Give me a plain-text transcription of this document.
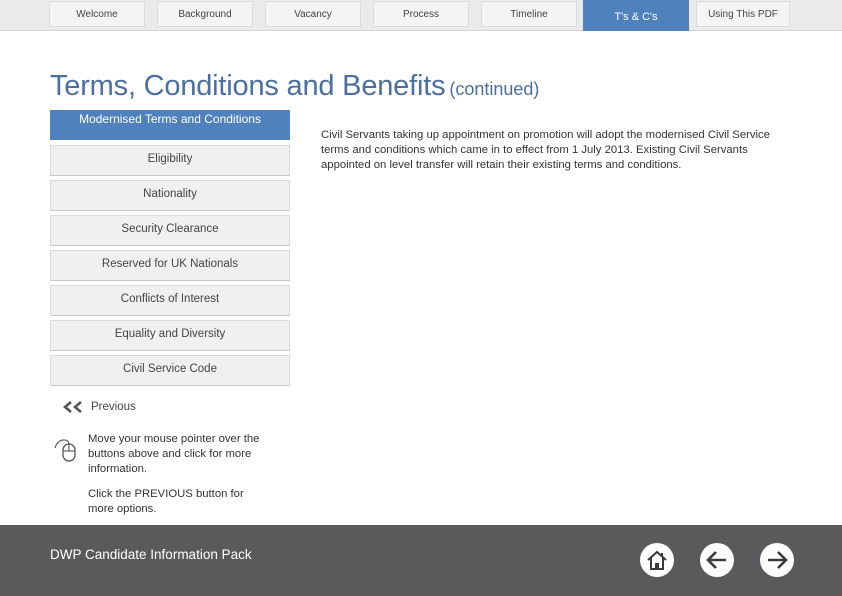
Welcome	Background	Vacancy	Process	Timeline	T's & C's	Using This PDF
Terms, Conditions and Benefits (continued)
Modernised Terms and Conditions
Eligibility
Nationality
Security Clearance
Reserved for UK Nationals
Conflicts of Interest
Equality and Diversity
Civil Service Code
Civil Servants taking up appointment on promotion will adopt the modernised Civil Service terms and conditions which came in to effect from 1 July 2013. Existing Civil Servants appointed on level transfer will retain their existing terms and conditions.
Previous

Move your mouse pointer over the buttons above and click for more information.

Click the PREVIOUS button for more options.

DWP Candidate Information Pack
